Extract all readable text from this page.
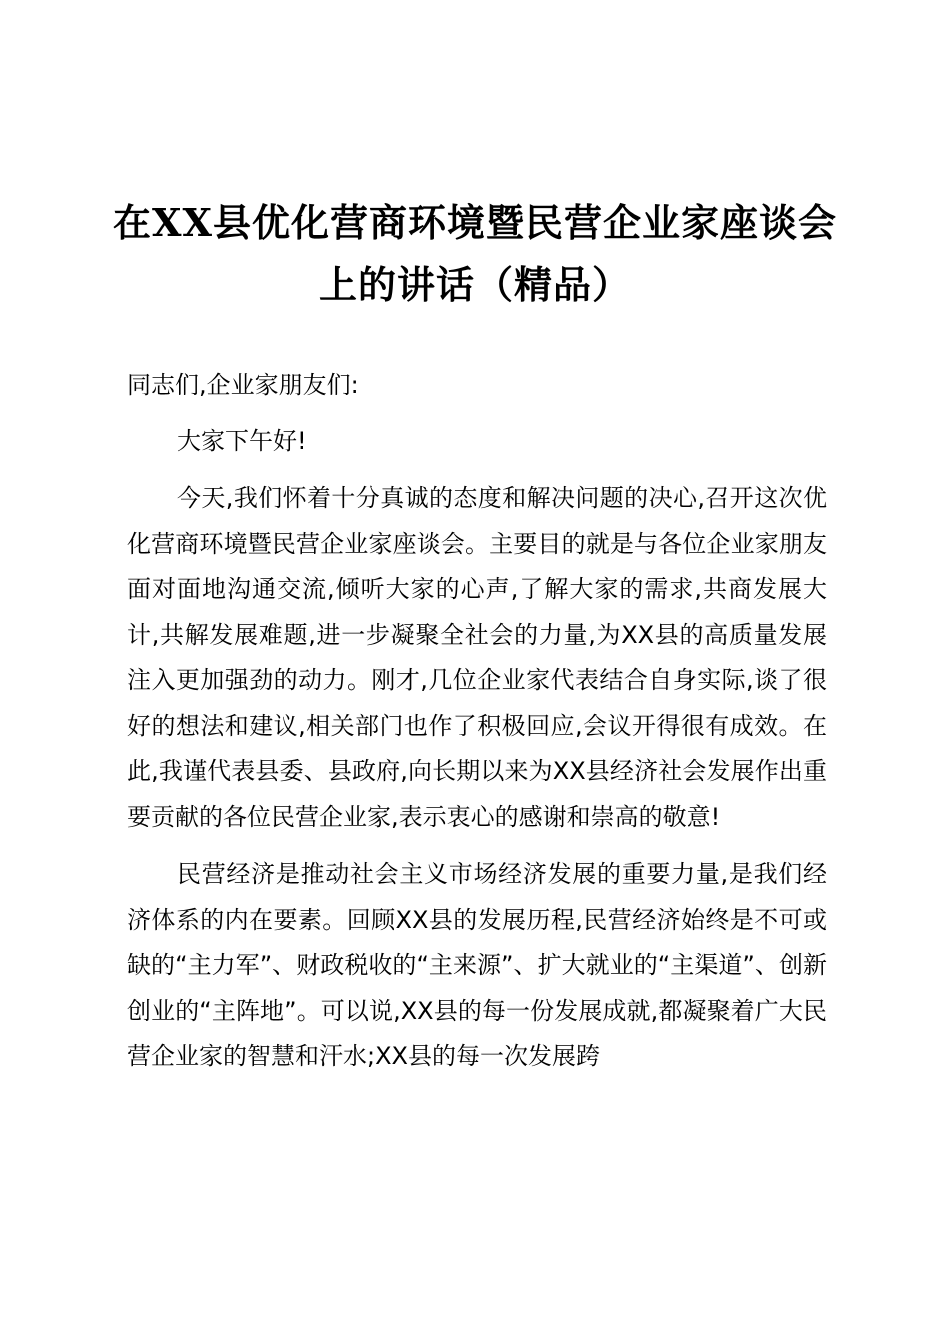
在XX县优化营商环境暨民营企业家座谈会上的讲话（精品）

同志们,企业家朋友们:

大家下午好!

今天,我们怀着十分真诚的态度和解决问题的决心,召开这次优化营商环境暨民营企业家座谈会。主要目的就是与各位企业家朋友面对面地沟通交流,倾听大家的心声,了解大家的需求,共商发展大计,共解发展难题,进一步凝聚全社会的力量,为XX县的高质量发展注入更加强劲的动力。刚才,几位企业家代表结合自身实际,谈了很好的想法和建议,相关部门也作了积极回应,会议开得很有成效。在此,我谨代表县委、县政府,向长期以来为XX县经济社会发展作出重要贡献的各位民营企业家,表示衷心的感谢和崇高的敬意!

民营经济是推动社会主义市场经济发展的重要力量,是我们经济体系的内在要素。回顾XX县的发展历程,民营经济始终是不可或缺的“主力军”、财政税收的“主来源”、扩大就业的“主渠道”、创新创业的“主阵地”。可以说,XX县的每一份发展成就,都凝聚着广大民营企业家的智慧和汗水;XX县的每一次发展跨
